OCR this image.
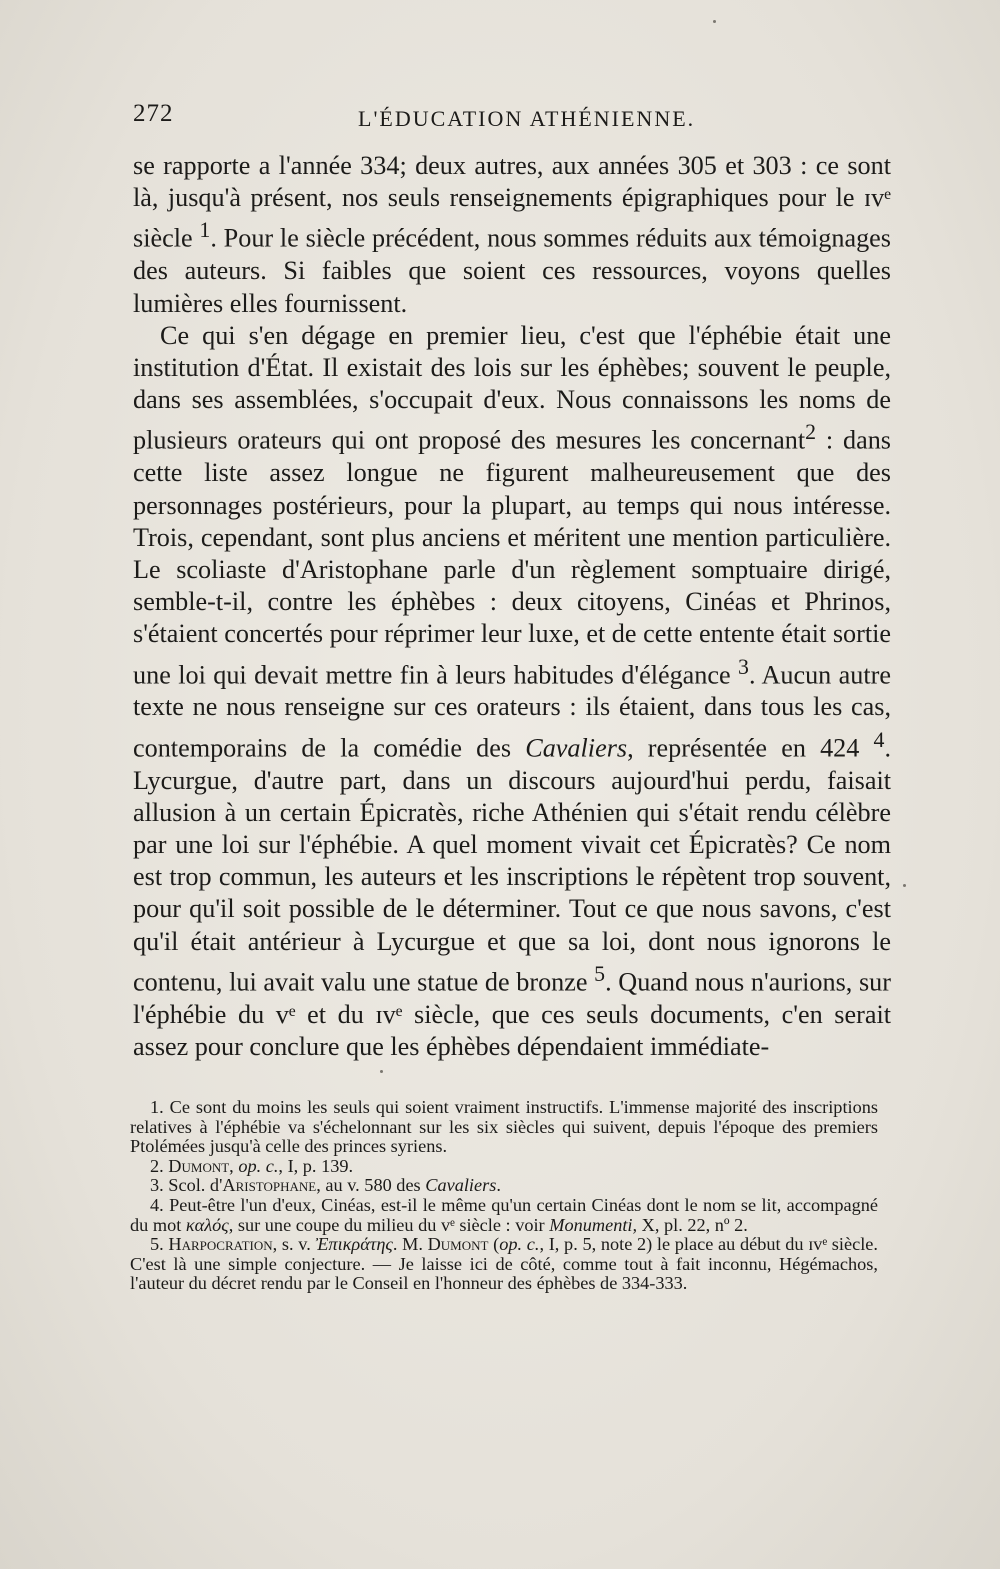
272	L'ÉDUCATION ATHÉNIENNE.

se rapporte a l'année 334; deux autres, aux années 305 et 303 : ce sont là, jusqu'à présent, nos seuls renseignements épigraphiques pour le ɪvᵉ siècle $^1$. Pour le siècle précédent, nous sommes réduits aux témoignages des auteurs. Si faibles que soient ces ressources, voyons quelles lumières elles fournissent.

Ce qui s'en dégage en premier lieu, c'est que l'éphébie était une institution d'État. Il existait des lois sur les éphèbes; souvent le peuple, dans ses assemblées, s'occupait d'eux. Nous connaissons les noms de plusieurs orateurs qui ont proposé des mesures les concernant$^2$ : dans cette liste assez longue ne figurent malheureusement que des personnages postérieurs, pour la plupart, au temps qui nous intéresse. Trois, cependant, sont plus anciens et méritent une mention particulière. Le scoliaste d'Aristophane parle d'un règlement somptuaire dirigé, semble-t-il, contre les éphèbes : deux citoyens, Cinéas et Phrinos, s'étaient concertés pour réprimer leur luxe, et de cette entente était sortie une loi qui devait mettre fin à leurs habitudes d'élégance $^3$. Aucun autre texte ne nous renseigne sur ces orateurs : ils étaient, dans tous les cas, contemporains de la comédie des Cavaliers, représentée en 424 $^4$. Lycurgue, d'autre part, dans un discours aujourd'hui perdu, faisait allusion à un certain Épicratès, riche Athénien qui s'était rendu célèbre par une loi sur l'éphébie. A quel moment vivait cet Épicratès? Ce nom est trop commun, les auteurs et les inscriptions le répètent trop souvent, pour qu'il soit possible de le déterminer. Tout ce que nous savons, c'est qu'il était antérieur à Lycurgue et que sa loi, dont nous ignorons le contenu, lui avait valu une statue de bronze $^5$. Quand nous n'aurions, sur l'éphébie du vᵉ et du ɪvᵉ siècle, que ces seuls documents, c'en serait assez pour conclure que les éphèbes dépendaient immédiate-

1. Ce sont du moins les seuls qui soient vraiment instructifs. L'immense majorité des inscriptions relatives à l'éphébie va s'échelonnant sur les six siècles qui suivent, depuis l'époque des premiers Ptolémées jusqu'à celle des princes syriens.

2. Dumont, op. c., I, p. 139.

3. Scol. d'Aristophane, au v. 580 des Cavaliers.

4. Peut-être l'un d'eux, Cinéas, est-il le même qu'un certain Cinéas dont le nom se lit, accompagné du mot καλός, sur une coupe du milieu du vᵉ siècle : voir Monumenti, X, pl. 22, nº 2.

5. Harpocration, s. v. Ἐπικράτης. M. Dumont (op. c., I, p. 5, note 2) le place au début du ɪvᵉ siècle. C'est là une simple conjecture. — Je laisse ici de côté, comme tout à fait inconnu, Hégémachos, l'auteur du décret rendu par le Conseil en l'honneur des éphèbes de 334-333.
